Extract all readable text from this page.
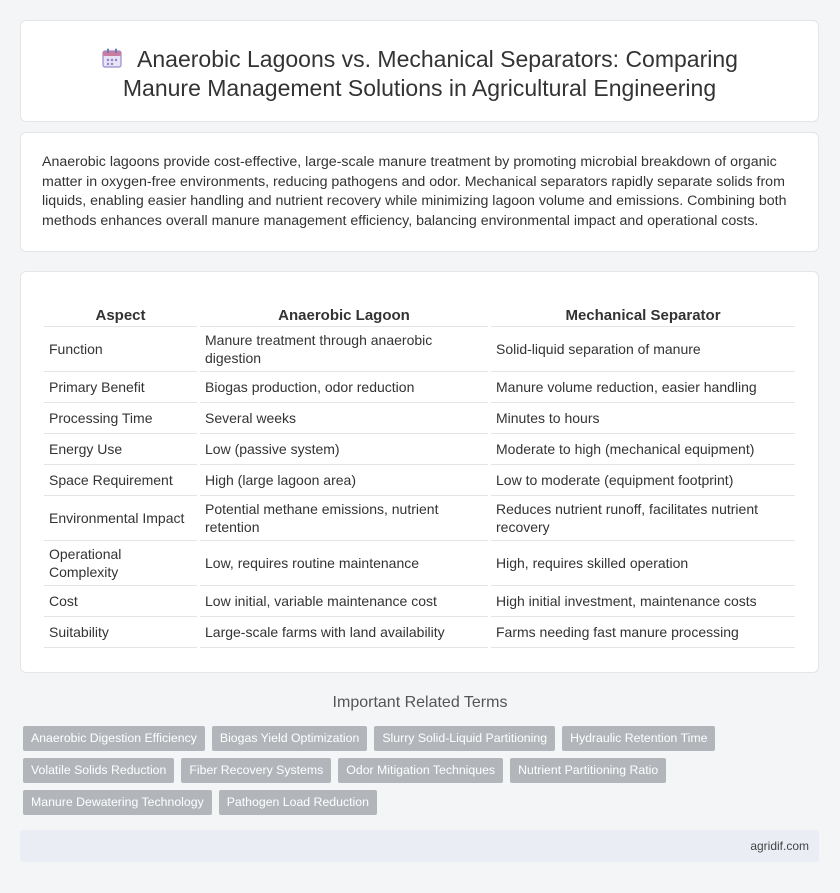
Anaerobic Lagoons vs. Mechanical Separators: Comparing
Manure Management Solutions in Agricultural Engineering
Anaerobic lagoons provide cost-effective, large-scale manure treatment by promoting microbial breakdown of organic matter in oxygen-free environments, reducing pathogens and odor. Mechanical separators rapidly separate solids from liquids, enabling easier handling and nutrient recovery while minimizing lagoon volume and emissions. Combining both methods enhances overall manure management efficiency, balancing environmental impact and operational costs.
Aspect	Anaerobic Lagoon	Mechanical Separator
Function	Manure treatment through anaerobic digestion	Solid-liquid separation of manure
Primary Benefit	Biogas production, odor reduction	Manure volume reduction, easier handling
Processing Time	Several weeks	Minutes to hours
Energy Use	Low (passive system)	Moderate to high (mechanical equipment)
Space Requirement	High (large lagoon area)	Low to moderate (equipment footprint)
Environmental Impact	Potential methane emissions, nutrient retention	Reduces nutrient runoff, facilitates nutrient recovery
Operational Complexity	Low, requires routine maintenance	High, requires skilled operation
Cost	Low initial, variable maintenance cost	High initial investment, maintenance costs
Suitability	Large-scale farms with land availability	Farms needing fast manure processing
Important Related Terms
Anaerobic Digestion Efficiency	Biogas Yield Optimization	Slurry Solid-Liquid Partitioning	Hydraulic Retention Time
Volatile Solids Reduction	Fiber Recovery Systems	Odor Mitigation Techniques	Nutrient Partitioning Ratio
Manure Dewatering Technology	Pathogen Load Reduction
agridif.com
